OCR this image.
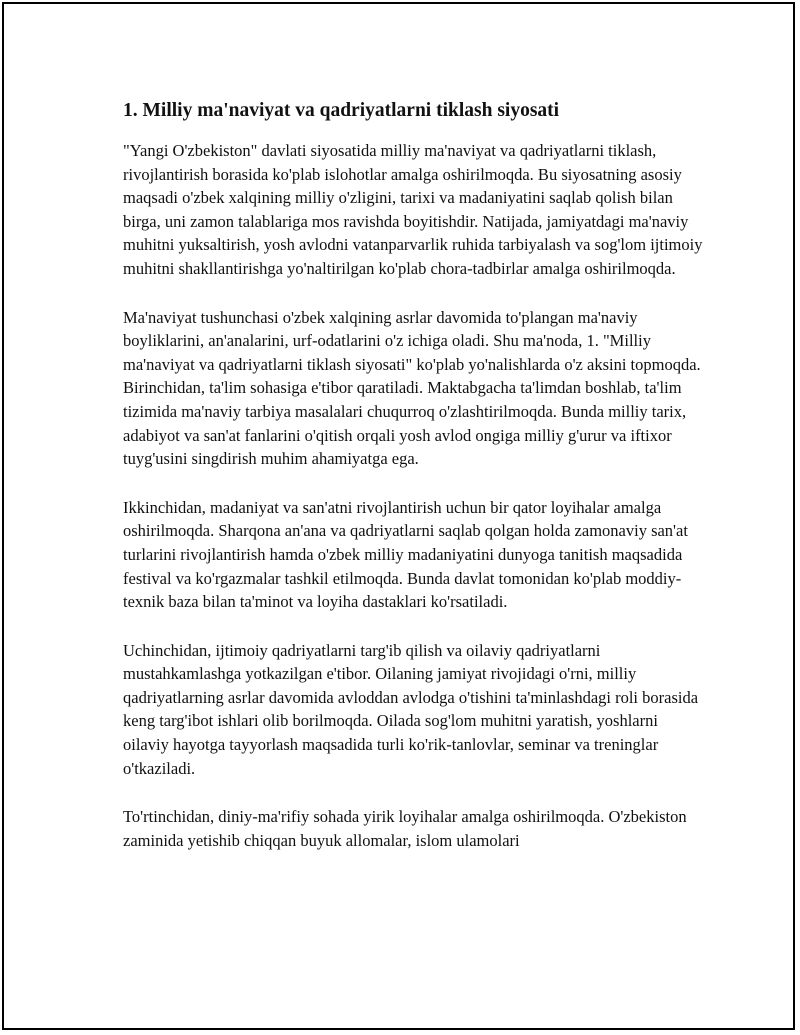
1. Milliy ma'naviyat va qadriyatlarni tiklash siyosati

"Yangi O'zbekiston" davlati siyosatida milliy ma'naviyat va qadriyatlarni tiklash, rivojlantirish borasida ko'plab islohotlar amalga oshirilmoqda. Bu siyosatning asosiy maqsadi o'zbek xalqining milliy o'zligini, tarixi va madaniyatini saqlab qolish bilan birga, uni zamon talablariga mos ravishda boyitishdir. Natijada, jamiyatdagi ma'naviy muhitni yuksaltirish, yosh avlodni vatanparvarlik ruhida tarbiyalash va sog'lom ijtimoiy muhitni shakllantirishga yo'naltirilgan ko'plab chora-tadbirlar amalga oshirilmoqda.

Ma'naviyat tushunchasi o'zbek xalqining asrlar davomida to'plangan ma'naviy boyliklarini, an'analarini, urf-odatlarini o'z ichiga oladi. Shu ma'noda, 1. "Milliy ma'naviyat va qadriyatlarni tiklash siyosati" ko'plab yo'nalishlarda o'z aksini topmoqda. Birinchidan, ta'lim sohasiga e'tibor qaratiladi. Maktabgacha ta'limdan boshlab, ta'lim tizimida ma'naviy tarbiya masalalari chuqurroq o'zlashtirilmoqda. Bunda milliy tarix, adabiyot va san'at fanlarini o'qitish orqali yosh avlod ongiga milliy g'urur va iftixor tuyg'usini singdirish muhim ahamiyatga ega.

Ikkinchidan, madaniyat va san'atni rivojlantirish uchun bir qator loyihalar amalga oshirilmoqda. Sharqona an'ana va qadriyatlarni saqlab qolgan holda zamonaviy san'at turlarini rivojlantirish hamda o'zbek milliy madaniyatini dunyoga tanitish maqsadida festival va ko'rgazmalar tashkil etilmoqda. Bunda davlat tomonidan ko'plab moddiy-texnik baza bilan ta'minot va loyiha dastaklari ko'rsatiladi.

Uchinchidan, ijtimoiy qadriyatlarni targ'ib qilish va oilaviy qadriyatlarni mustahkamlashga yotkazilgan e'tibor. Oilaning jamiyat rivojidagi o'rni, milliy qadriyatlarning asrlar davomida avloddan avlodga o'tishini ta'minlashdagi roli borasida keng targ'ibot ishlari olib borilmoqda. Oilada sog'lom muhitni yaratish, yoshlarni oilaviy hayotga tayyorlash maqsadida turli ko'rik-tanlovlar, seminar va treninglar o'tkaziladi.

To'rtinchidan, diniy-ma'rifiy sohada yirik loyihalar amalga oshirilmoqda. O'zbekiston zaminida yetishib chiqqan buyuk allomalar, islom ulamolari
